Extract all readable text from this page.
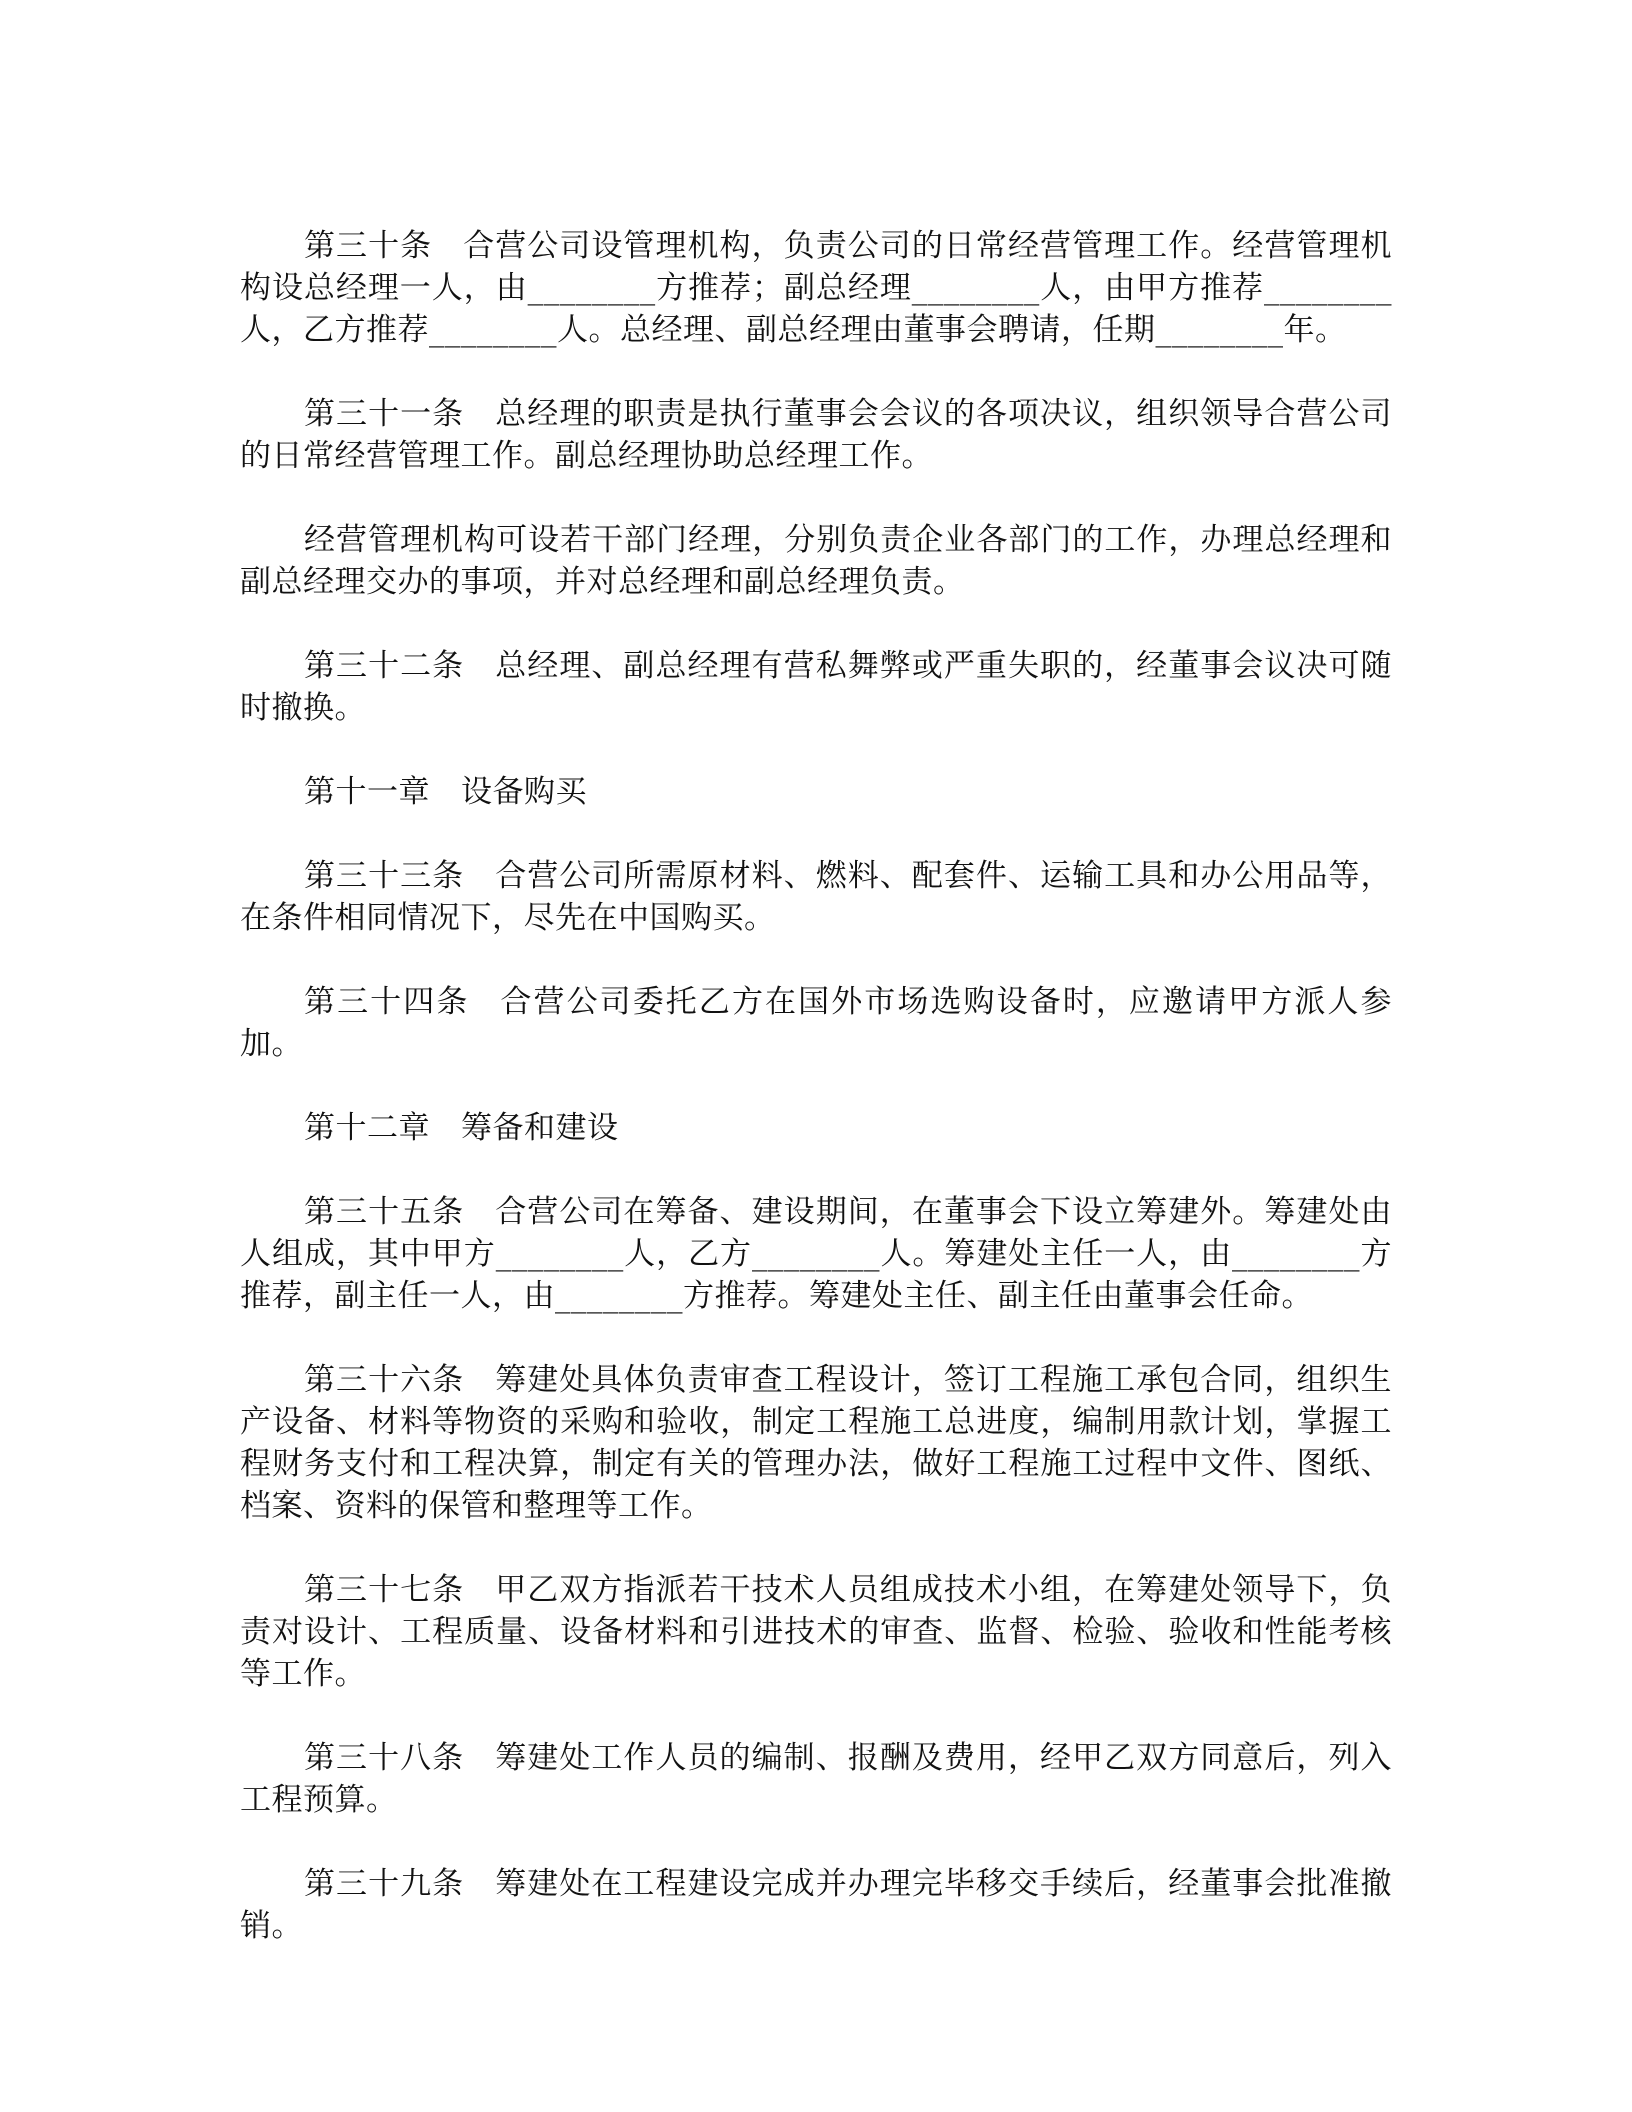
第三十条 合营公司设管理机构，负责公司的日常经营管理工作。经营管理机构设总经理一人，由________方推荐；副总经理________人，由甲方推荐________人，乙方推荐________人。总经理、副总经理由董事会聘请，任期________年。

第三十一条 总经理的职责是执行董事会会议的各项决议，组织领导合营公司的日常经营管理工作。副总经理协助总经理工作。

经营管理机构可设若干部门经理，分别负责企业各部门的工作，办理总经理和副总经理交办的事项，并对总经理和副总经理负责。

第三十二条 总经理、副总经理有营私舞弊或严重失职的，经董事会议决可随时撤换。

第十一章 设备购买

第三十三条 合营公司所需原材料、燃料、配套件、运输工具和办公用品等，在条件相同情况下，尽先在中国购买。

第三十四条 合营公司委托乙方在国外市场选购设备时，应邀请甲方派人参加。

第十二章 筹备和建设

第三十五条 合营公司在筹备、建设期间，在董事会下设立筹建外。筹建处由人组成，其中甲方________人，乙方________人。筹建处主任一人，由________方推荐，副主任一人，由________方推荐。筹建处主任、副主任由董事会任命。

第三十六条 筹建处具体负责审查工程设计，签订工程施工承包合同，组织生产设备、材料等物资的采购和验收，制定工程施工总进度，编制用款计划，掌握工程财务支付和工程决算，制定有关的管理办法，做好工程施工过程中文件、图纸、档案、资料的保管和整理等工作。

第三十七条 甲乙双方指派若干技术人员组成技术小组，在筹建处领导下，负责对设计、工程质量、设备材料和引进技术的审查、监督、检验、验收和性能考核等工作。

第三十八条 筹建处工作人员的编制、报酬及费用，经甲乙双方同意后，列入工程预算。

第三十九条 筹建处在工程建设完成并办理完毕移交手续后，经董事会批准撤销。
